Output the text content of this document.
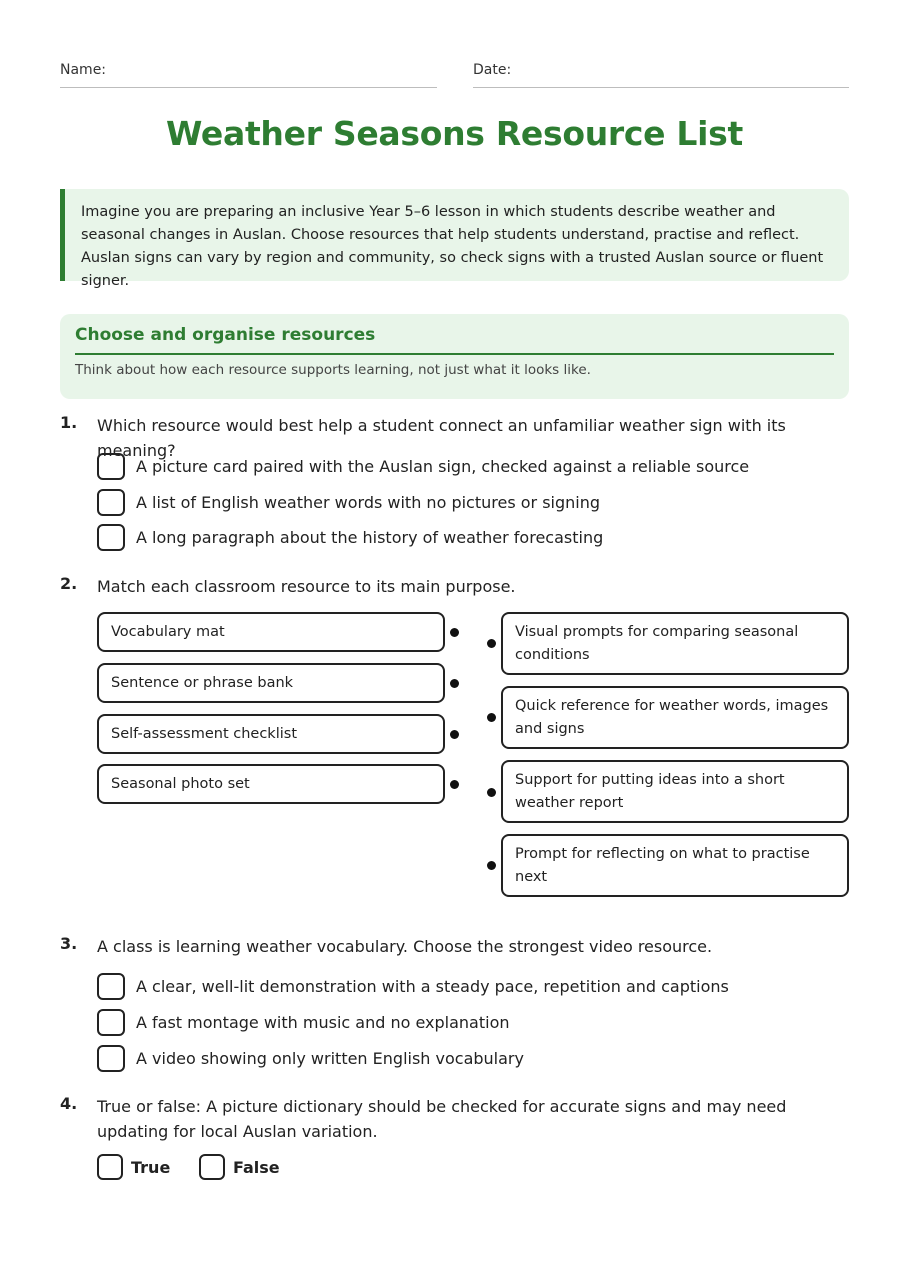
Name:	Date:
Weather Seasons Resource List

Imagine you are preparing an inclusive Year 5–6 lesson in which students describe weather and seasonal changes in Auslan. Choose resources that help students understand, practise and reflect. Auslan signs can vary by region and community, so check signs with a trusted Auslan source or fluent signer.

Choose and organise resources
Think about how each resource supports learning, not just what it looks like.
1. Which resource would best help a student connect an unfamiliar weather sign with its meaning?
A picture card paired with the Auslan sign, checked against a reliable source
A list of English weather words with no pictures or signing
A long paragraph about the history of weather forecasting
2. Match each classroom resource to its main purpose.
Vocabulary mat
Sentence or phrase bank
Self-assessment checklist
Seasonal photo set
Visual prompts for comparing seasonal conditions
Quick reference for weather words, images and signs
Support for putting ideas into a short weather report
Prompt for reflecting on what to practise next
3. A class is learning weather vocabulary. Choose the strongest video resource.
A clear, well-lit demonstration with a steady pace, repetition and captions
A fast montage with music and no explanation
A video showing only written English vocabulary
4. True or false: A picture dictionary should be checked for accurate signs and may need updating for local Auslan variation.
True	False
